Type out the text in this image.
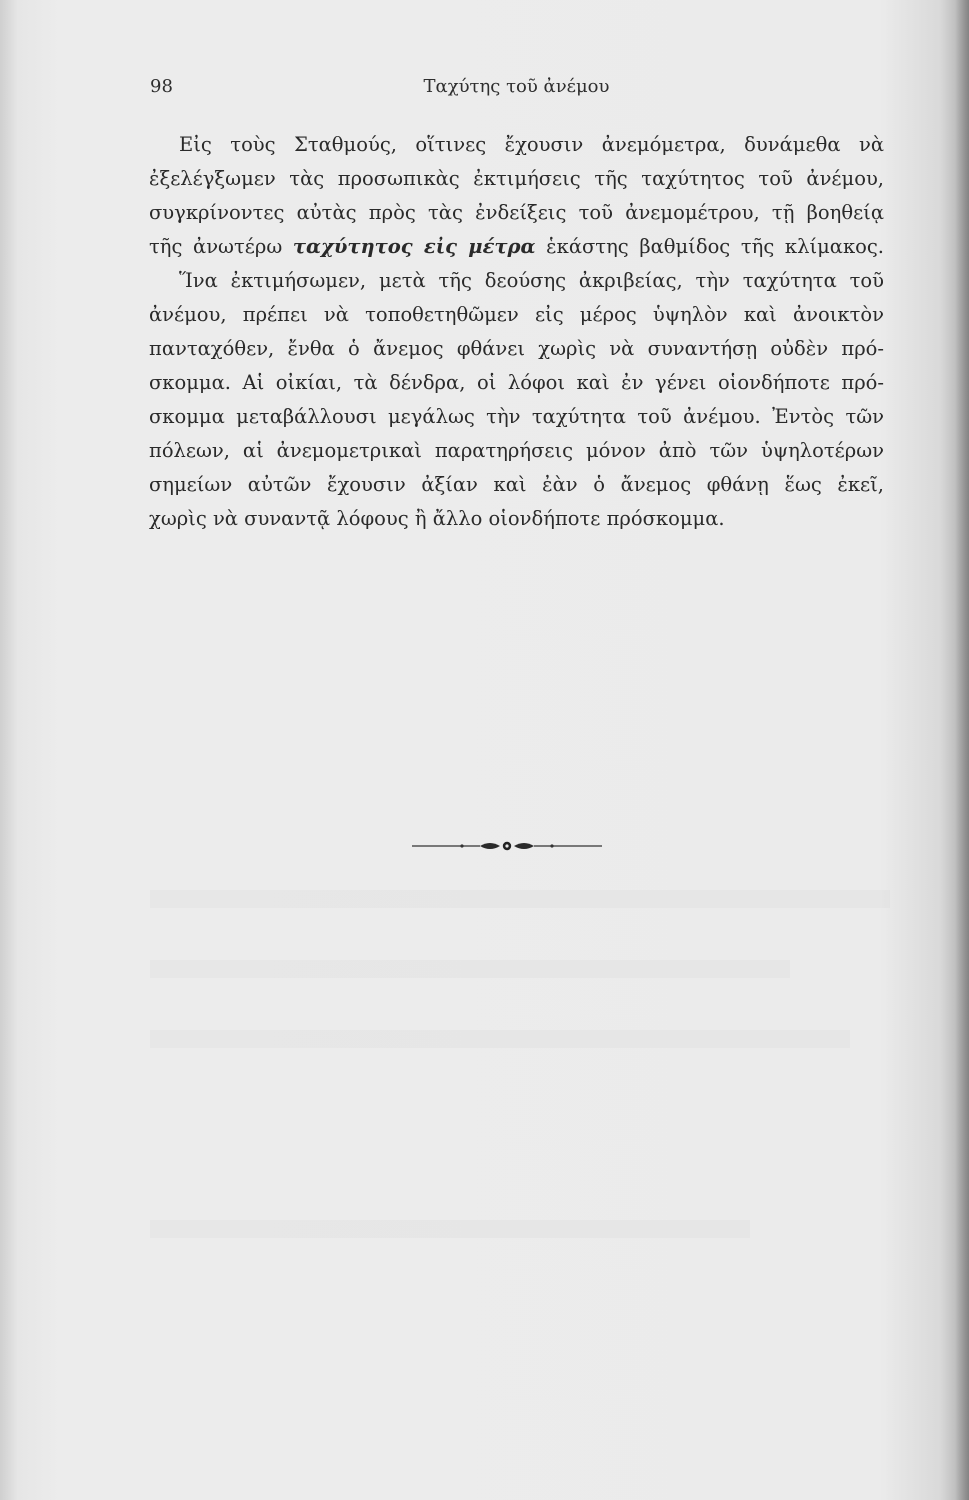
98	Ταχύτης τοῦ ἀνέμου
Εἰς τοὺς Σταθμούς, οἵτινες ἔχουσιν ἀνεμόμετρα, δυνάμεθα νὰ
ἐξελέγξωμεν τὰς προσωπικὰς ἐκτιμήσεις τῆς ταχύτητος τοῦ ἀνέμου,
συγκρίνοντες αὐτὰς πρὸς τὰς ἐνδείξεις τοῦ ἀνεμομέτρου, τῇ βοηθείᾳ
τῆς ἀνωτέρω ταχύτητος εἰς μέτρα ἑκάστης βαθμίδος τῆς κλίμακος.
Ἵνα ἐκτιμήσωμεν, μετὰ τῆς δεούσης ἀκριβείας, τὴν ταχύτητα τοῦ
ἀνέμου, πρέπει νὰ τοποθετηθῶμεν εἰς μέρος ὑψηλὸν καὶ ἀνοικτὸν
πανταχόθεν, ἔνθα ὁ ἄνεμος φθάνει χωρὶς νὰ συναντήσῃ οὐδὲν πρό-
σκομμα. Αἱ οἰκίαι, τὰ δένδρα, οἱ λόφοι καὶ ἐν γένει οἱονδήποτε πρό-
σκομμα μεταβάλλουσι μεγάλως τὴν ταχύτητα τοῦ ἀνέμου. Ἐντὸς τῶν
πόλεων, αἱ ἀνεμομετρικαὶ παρατηρήσεις μόνον ἀπὸ τῶν ὑψηλοτέρων
σημείων αὐτῶν ἔχουσιν ἀξίαν καὶ ἐὰν ὁ ἄνεμος φθάνῃ ἕως ἐκεῖ,
χωρὶς νὰ συναντᾷ λόφους ἢ ἄλλο οἱονδήποτε πρόσκομμα.
